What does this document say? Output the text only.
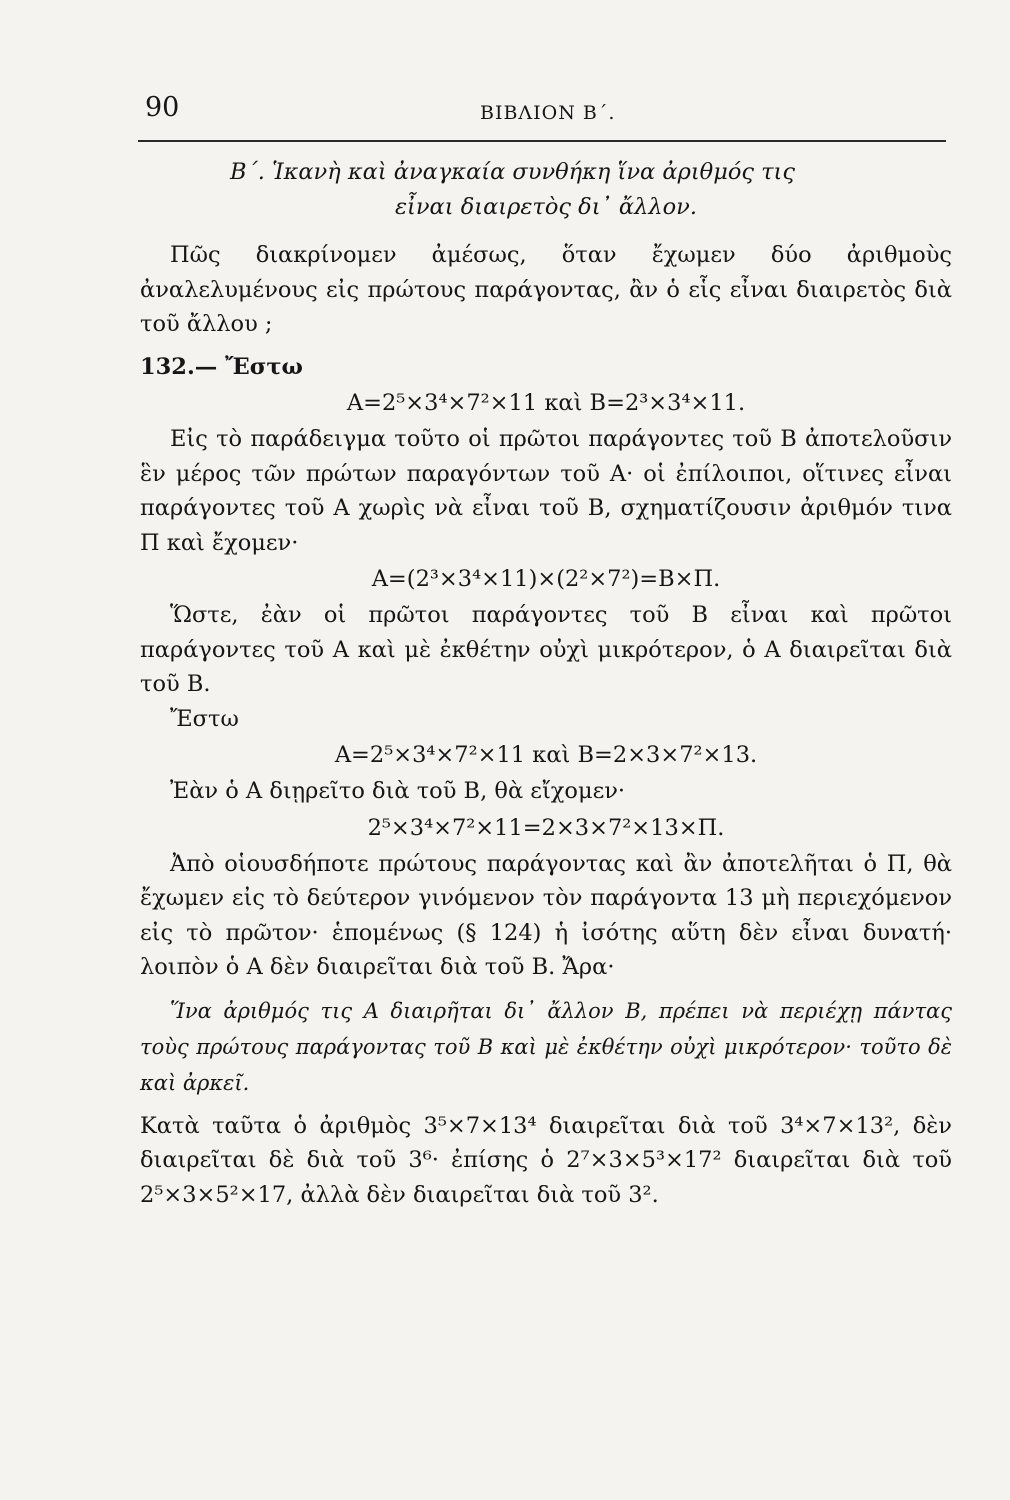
90	ΒΙΒΛΙΟΝ Β΄.

Β΄. Ἱκανὴ καὶ ἀναγκαία συνθήκη ἵνα ἀριθμός τις

εἶναι διαιρετὸς δι᾽ ἄλλον.

Πῶς διακρίνομεν ἀμέσως, ὅταν ἔχωμεν δύο ἀριθμοὺς ἀναλελυμένους εἰς πρώτους παράγοντας, ἂν ὁ εἷς εἶναι διαιρετὸς διὰ τοῦ ἄλλου ;

132.— Ἔστω

A=2⁵×3⁴×7²×11 καὶ B=2³×3⁴×11.

Εἰς τὸ παράδειγμα τοῦτο οἱ πρῶτοι παράγοντες τοῦ B ἀποτελοῦσιν ἓν μέρος τῶν πρώτων παραγόντων τοῦ A· οἱ ἐπίλοιποι, οἵτινες εἶναι παράγοντες τοῦ A χωρὶς νὰ εἶναι τοῦ B, σχηματίζουσιν ἀριθμόν τινα Π καὶ ἔχομεν·

A=(2³×3⁴×11)×(2²×7²)=B×Π.

Ὥστε, ἐὰν οἱ πρῶτοι παράγοντες τοῦ B εἶναι καὶ πρῶτοι παράγοντες τοῦ A καὶ μὲ ἐκθέτην οὐχὶ μικρότερον, ὁ A διαιρεῖται διὰ τοῦ B.

Ἔστω

A=2⁵×3⁴×7²×11 καὶ B=2×3×7²×13.

Ἐὰν ὁ A διῃρεῖτο διὰ τοῦ B, θὰ εἴχομεν·

2⁵×3⁴×7²×11=2×3×7²×13×Π.

Ἀπὸ οἱουσδήποτε πρώτους παράγοντας καὶ ἂν ἀποτελῆται ὁ Π, θὰ ἔχωμεν εἰς τὸ δεύτερον γινόμενον τὸν παράγοντα 13 μὴ περιεχόμενον εἰς τὸ πρῶτον· ἑπομένως (§ 124) ἡ ἰσότης αὕτη δὲν εἶναι δυνατή· λοιπὸν ὁ A δὲν διαιρεῖται διὰ τοῦ B. Ἄρα·

Ἵνα ἀριθμός τις A διαιρῆται δι᾽ ἄλλον B, πρέπει νὰ περιέχῃ πάντας τοὺς πρώτους παράγοντας τοῦ B καὶ μὲ ἐκθέτην οὐχὶ μικρότερον· τοῦτο δὲ καὶ ἀρκεῖ.

Κατὰ ταῦτα ὁ ἀριθμὸς 3⁵×7×13⁴ διαιρεῖται διὰ τοῦ 3⁴×7×13², δὲν διαιρεῖται δὲ διὰ τοῦ 3⁶· ἐπίσης ὁ 2⁷×3×5³×17² διαιρεῖται διὰ τοῦ 2⁵×3×5²×17, ἀλλὰ δὲν διαιρεῖται διὰ τοῦ 3².
